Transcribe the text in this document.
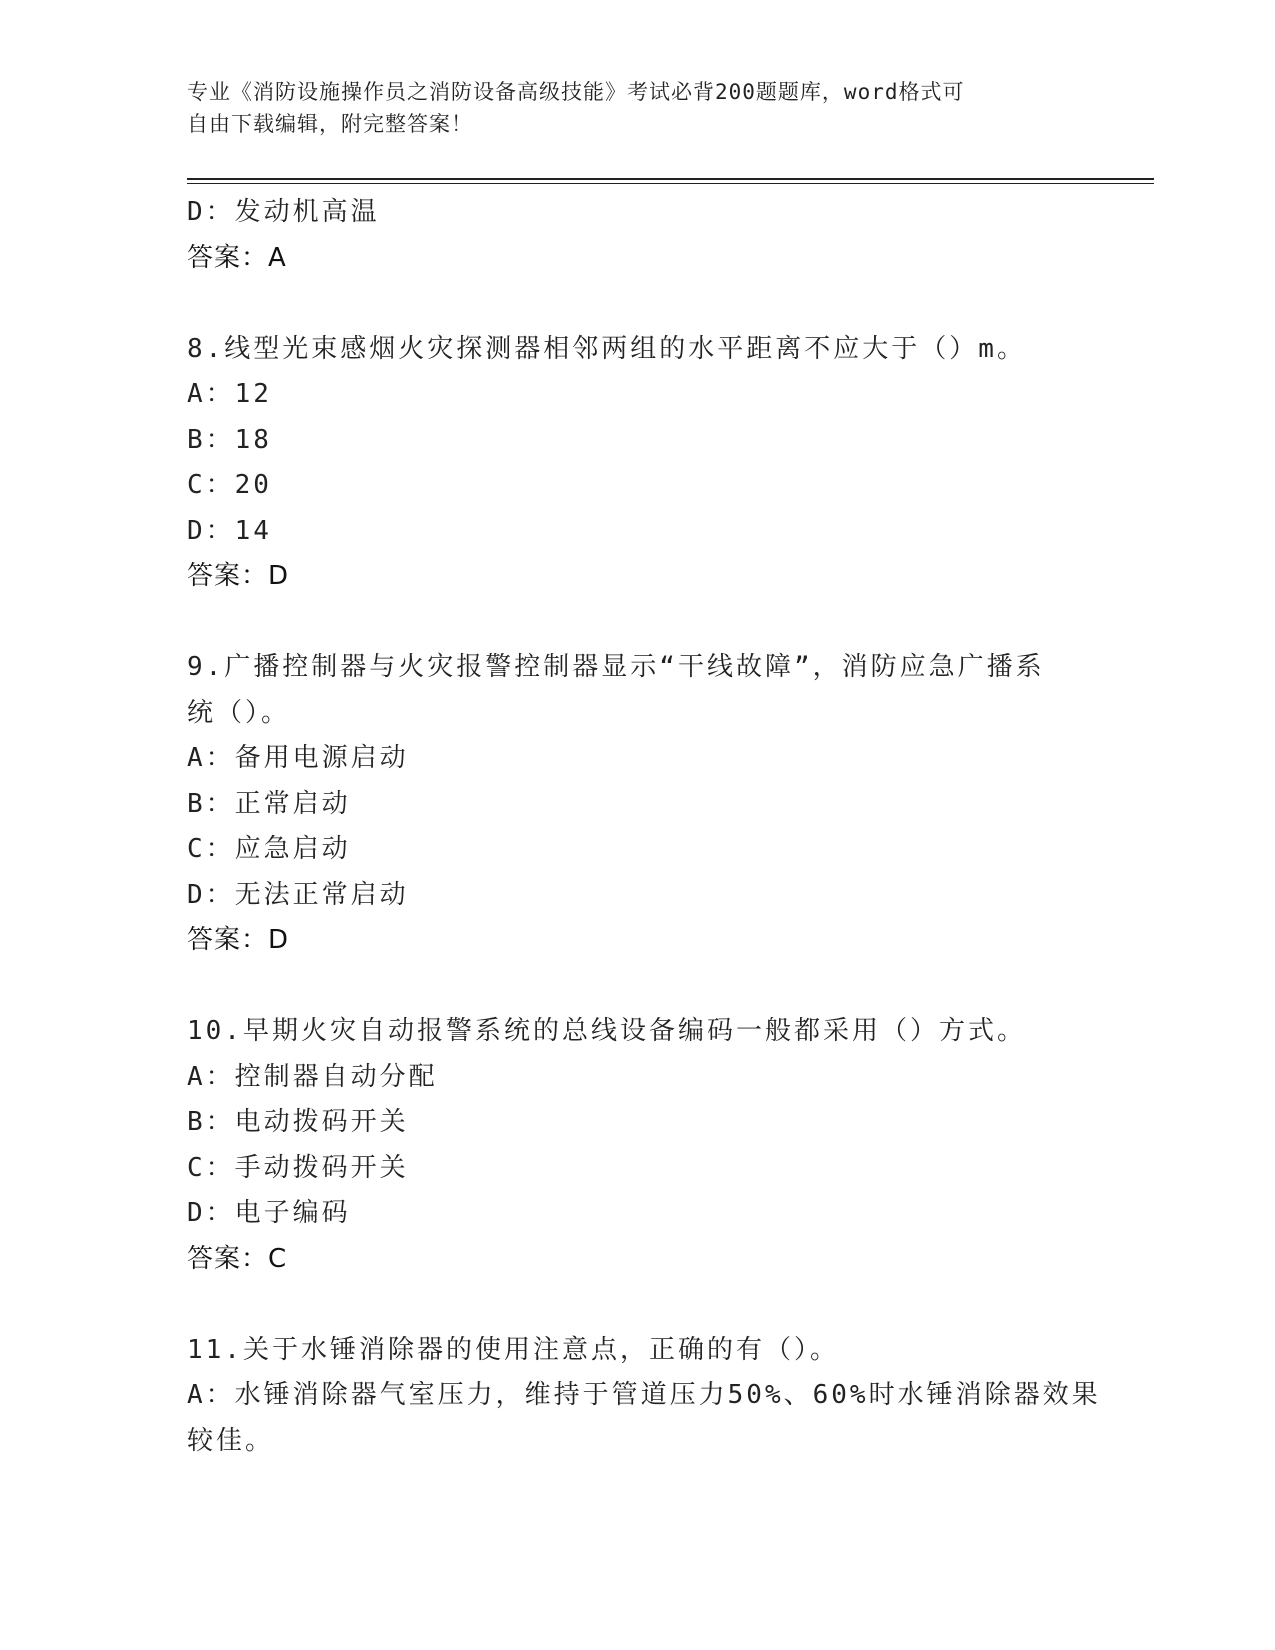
专业《消防设施操作员之消防设备高级技能》考试必背200题题库，word格式可
自由下载编辑，附完整答案！
D：发动机高温
答案：A
8.线型光束感烟火灾探测器相邻两组的水平距离不应大于（）m。
A：12
B：18
C：20
D：14
答案：D
9.广播控制器与火灾报警控制器显示“干线故障”，消防应急广播系
统（）。
A：备用电源启动
B：正常启动
C：应急启动
D：无法正常启动
答案：D
10.早期火灾自动报警系统的总线设备编码一般都采用（）方式。
A：控制器自动分配
B：电动拨码开关
C：手动拨码开关
D：电子编码
答案：C
11.关于水锤消除器的使用注意点，正确的有（）。
A：水锤消除器气室压力，维持于管道压力50%、60%时水锤消除器效果
较佳。
